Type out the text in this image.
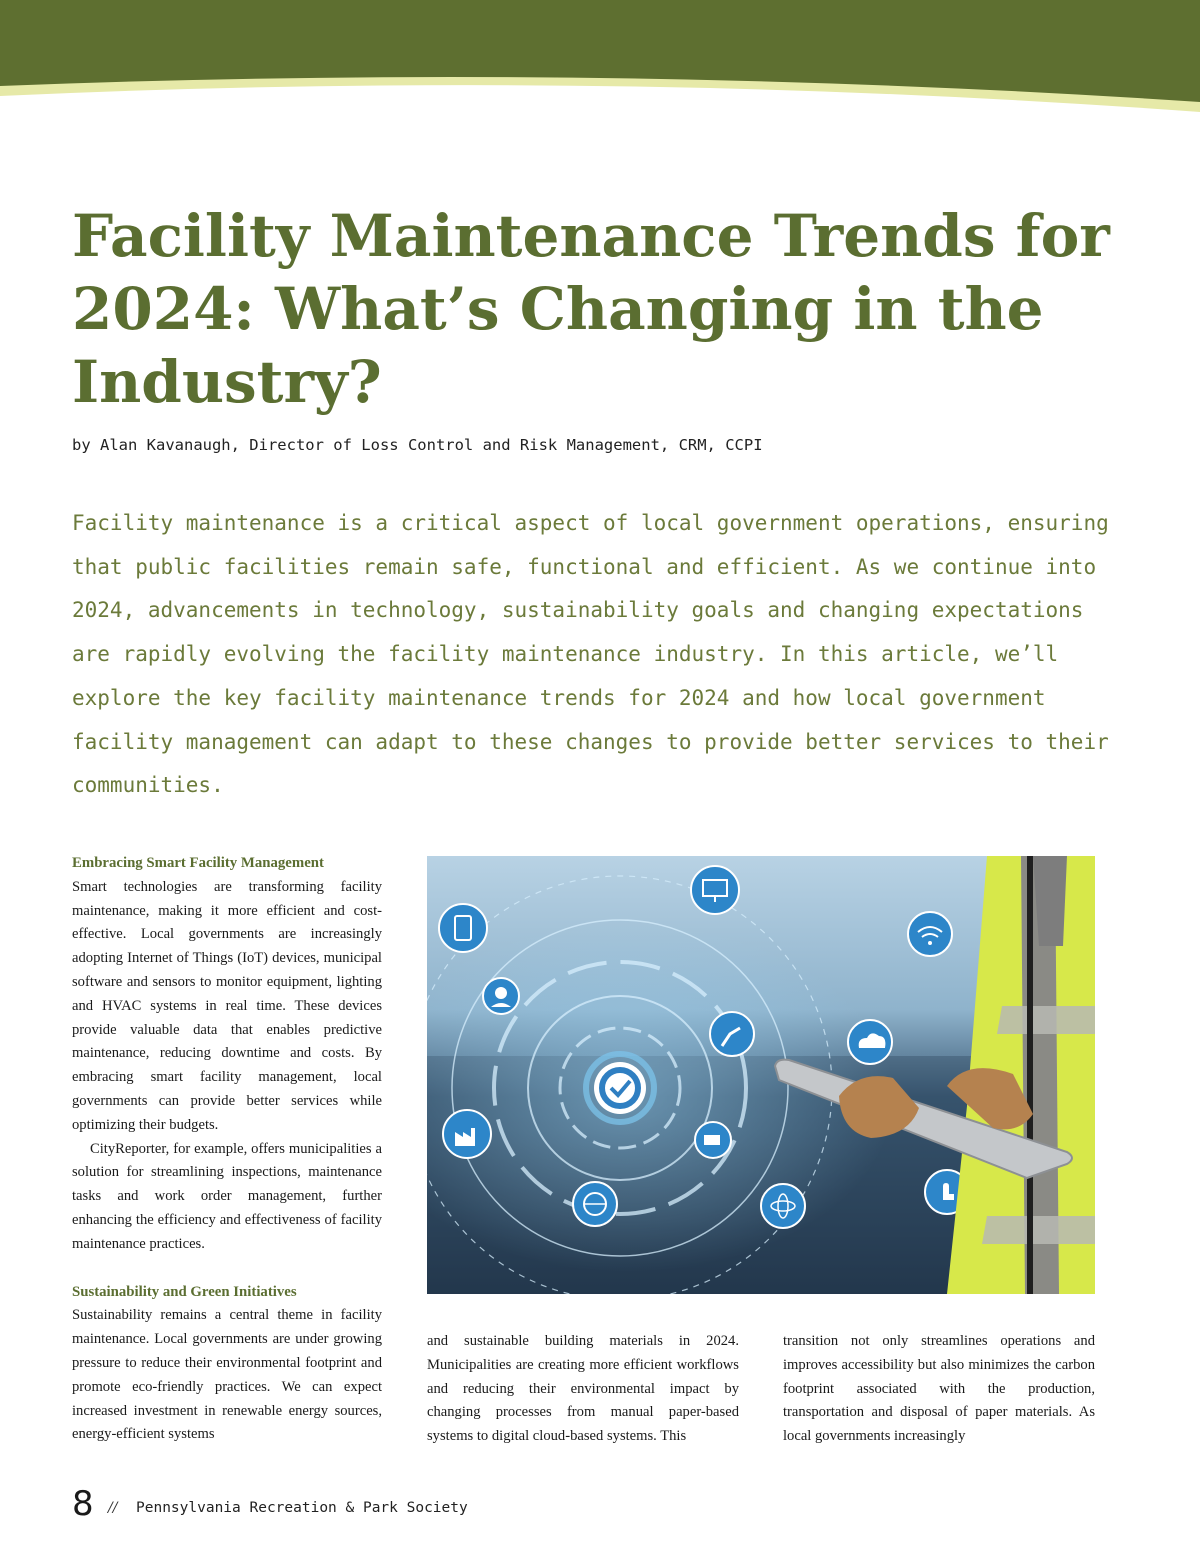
Facility Maintenance Trends for 2024: What’s Changing in the Industry?
by Alan Kavanaugh, Director of Loss Control and Risk Management, CRM, CCPI

Facility maintenance is a critical aspect of local government operations, ensuring that public facilities remain safe, functional and efficient. As we continue into 2024, advancements in technology, sustainability goals and changing expectations are rapidly evolving the facility maintenance industry. In this article, we’ll explore the key facility maintenance trends for 2024 and how local government facility management can adapt to these changes to provide better services to their communities.

Embracing Smart Facility Management

Smart technologies are transforming facility maintenance, making it more efficient and cost-effective. Local governments are increasingly adopting Internet of Things (IoT) devices, municipal software and sensors to monitor equipment, lighting and HVAC systems in real time. These devices provide valuable data that enables predictive maintenance, reducing downtime and costs. By embracing smart facility management, local governments can provide better services while optimizing their budgets.

CityReporter, for example, offers municipalities a solution for streamlining inspections, maintenance tasks and work order management, further enhancing the efficiency and effectiveness of facility maintenance practices.

Sustainability and Green Initiatives

Sustainability remains a central theme in facility maintenance. Local governments are under growing pressure to reduce their environmental footprint and promote eco-friendly practices. We can expect increased investment in renewable energy sources, energy-efficient systems

and sustainable building materials in 2024. Municipalities are creating more efficient workflows and reducing their environmental impact by changing processes from manual paper-based systems to digital cloud-based systems. This

transition not only streamlines operations and improves accessibility but also minimizes the carbon footprint associated with the production, transportation and disposal of paper materials. As local governments increasingly

8 // Pennsylvania Recreation & Park Society
